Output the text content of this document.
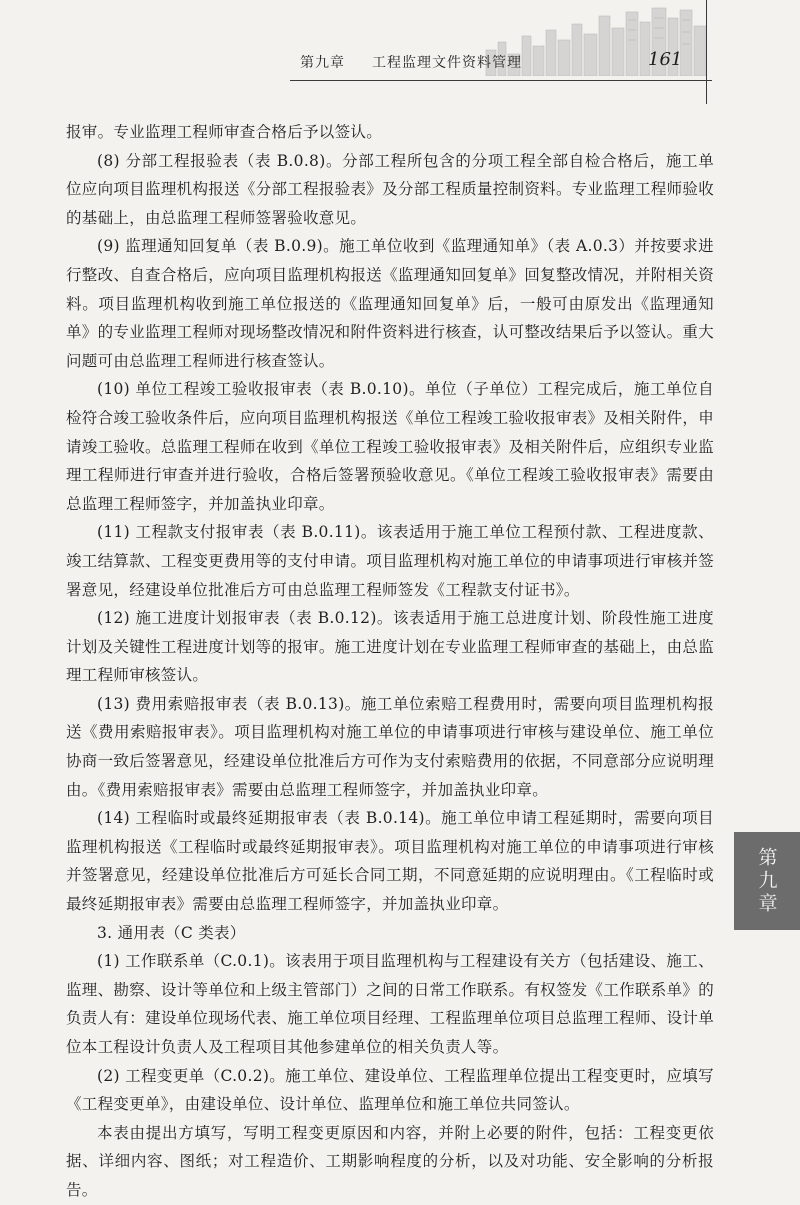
第九章 工程监理文件资料管理	161

报审。专业监理工程师审查合格后予以签认。

(8) 分部工程报验表（表 B.0.8)。分部工程所包含的分项工程全部自检合格后，施工单位应向项目监理机构报送《分部工程报验表》及分部工程质量控制资料。专业监理工程师验收的基础上，由总监理工程师签署验收意见。

(9) 监理通知回复单（表 B.0.9)。施工单位收到《监理通知单》（表 A.0.3）并按要求进行整改、自查合格后，应向项目监理机构报送《监理通知回复单》回复整改情况，并附相关资料。项目监理机构收到施工单位报送的《监理通知回复单》后，一般可由原发出《监理通知单》的专业监理工程师对现场整改情况和附件资料进行核查，认可整改结果后予以签认。重大问题可由总监理工程师进行核查签认。

(10) 单位工程竣工验收报审表（表 B.0.10)。单位（子单位）工程完成后，施工单位自检符合竣工验收条件后，应向项目监理机构报送《单位工程竣工验收报审表》及相关附件，申请竣工验收。总监理工程师在收到《单位工程竣工验收报审表》及相关附件后，应组织专业监理工程师进行审查并进行验收，合格后签署预验收意见。《单位工程竣工验收报审表》需要由总监理工程师签字，并加盖执业印章。

(11) 工程款支付报审表（表 B.0.11)。该表适用于施工单位工程预付款、工程进度款、竣工结算款、工程变更费用等的支付申请。项目监理机构对施工单位的申请事项进行审核并签署意见，经建设单位批准后方可由总监理工程师签发《工程款支付证书》。

(12) 施工进度计划报审表（表 B.0.12)。该表适用于施工总进度计划、阶段性施工进度计划及关键性工程进度计划等的报审。施工进度计划在专业监理工程师审查的基础上，由总监理工程师审核签认。

(13) 费用索赔报审表（表 B.0.13)。施工单位索赔工程费用时，需要向项目监理机构报送《费用索赔报审表》。项目监理机构对施工单位的申请事项进行审核与建设单位、施工单位协商一致后签署意见，经建设单位批准后方可作为支付索赔费用的依据，不同意部分应说明理由。《费用索赔报审表》需要由总监理工程师签字，并加盖执业印章。

(14) 工程临时或最终延期报审表（表 B.0.14)。施工单位申请工程延期时，需要向项目监理机构报送《工程临时或最终延期报审表》。项目监理机构对施工单位的申请事项进行审核并签署意见，经建设单位批准后方可延长合同工期，不同意延期的应说明理由。《工程临时或最终延期报审表》需要由总监理工程师签字，并加盖执业印章。

3. 通用表（C 类表）

(1) 工作联系单（C.0.1)。该表用于项目监理机构与工程建设有关方（包括建设、施工、监理、勘察、设计等单位和上级主管部门）之间的日常工作联系。有权签发《工作联系单》的负责人有：建设单位现场代表、施工单位项目经理、工程监理单位项目总监理工程师、设计单位本工程设计负责人及工程项目其他参建单位的相关负责人等。

(2) 工程变更单（C.0.2)。施工单位、建设单位、工程监理单位提出工程变更时，应填写《工程变更单》，由建设单位、设计单位、监理单位和施工单位共同签认。

本表由提出方填写，写明工程变更原因和内容，并附上必要的附件，包括：工程变更依据、详细内容、图纸；对工程造价、工期影响程度的分析，以及对功能、安全影响的分析报告。

第九章
